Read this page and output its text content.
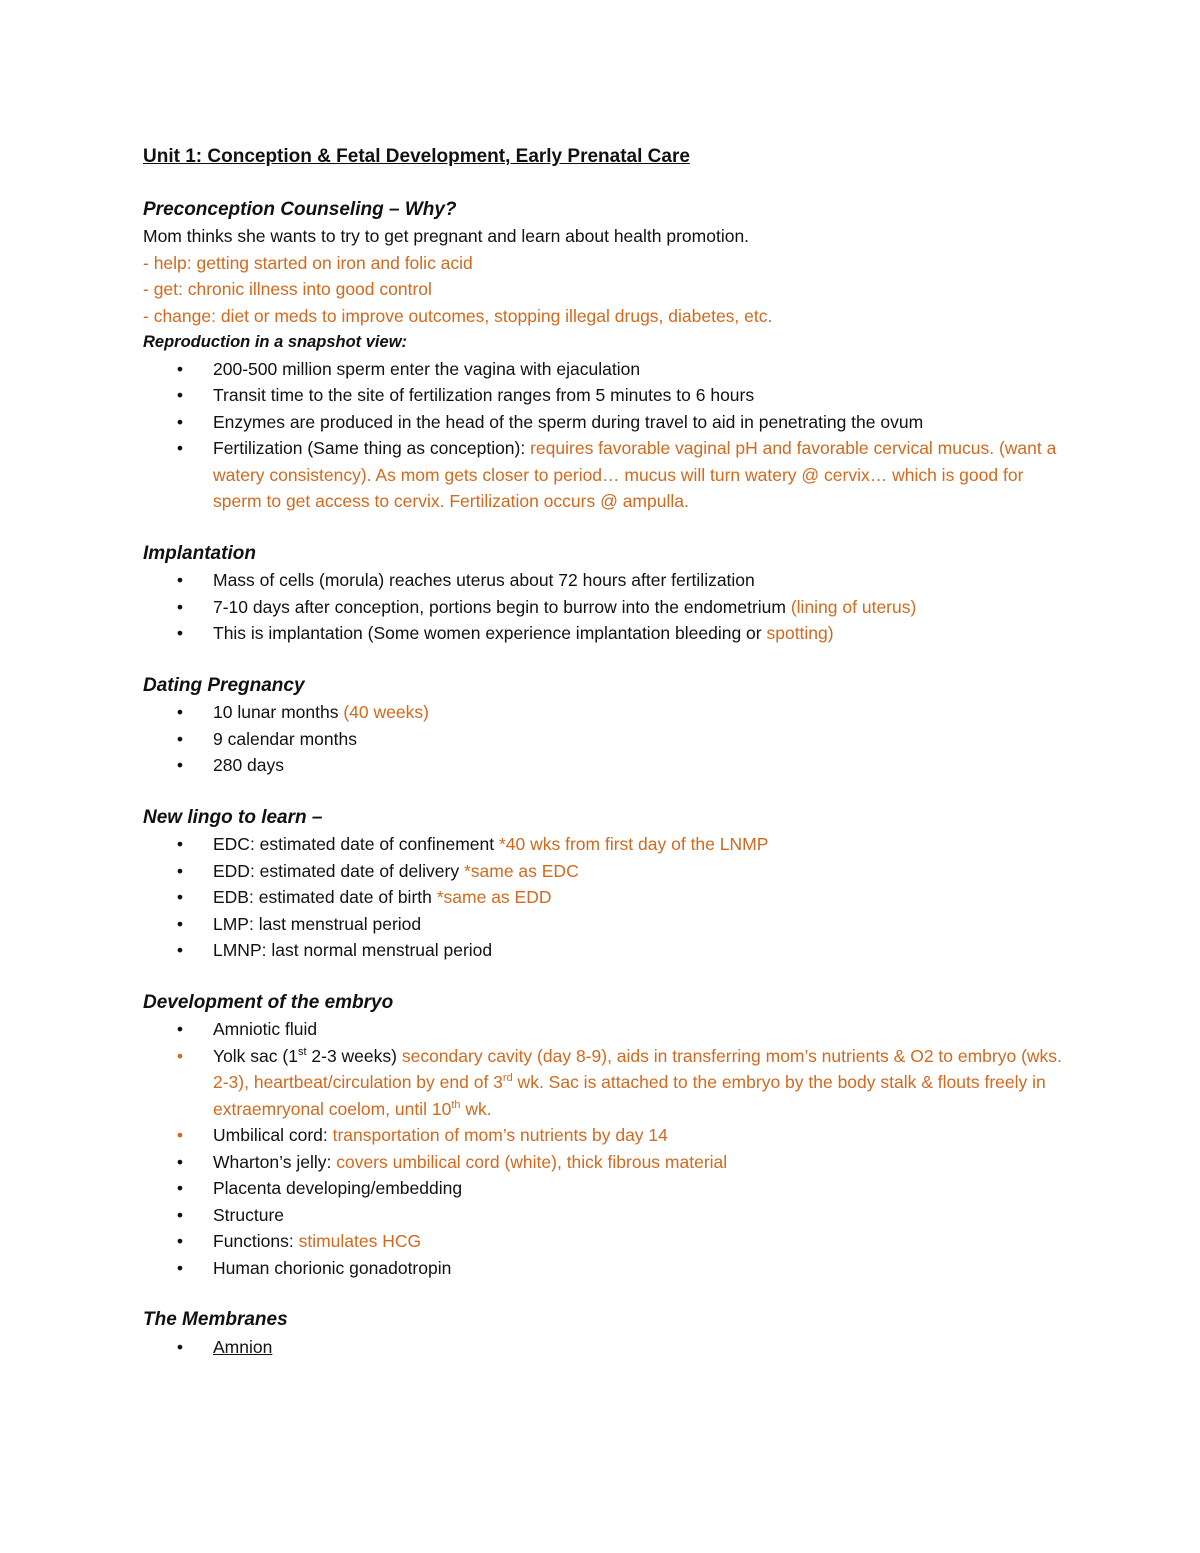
Unit 1: Conception & Fetal Development, Early Prenatal Care

Preconception Counseling – Why?

Mom thinks she wants to try to get pregnant and learn about health promotion.

- help: getting started on iron and folic acid

- get: chronic illness into good control

- change: diet or meds to improve outcomes, stopping illegal drugs, diabetes, etc.

Reproduction in a snapshot view:

• 200-500 million sperm enter the vagina with ejaculation
• Transit time to the site of fertilization ranges from 5 minutes to 6 hours
• Enzymes are produced in the head of the sperm during travel to aid in penetrating the ovum
• Fertilization (Same thing as conception): requires favorable vaginal pH and favorable cervical mucus. (want a watery consistency). As mom gets closer to period… mucus will turn watery @ cervix… which is good for sperm to get access to cervix. Fertilization occurs @ ampulla.

Implantation

• Mass of cells (morula) reaches uterus about 72 hours after fertilization
• 7-10 days after conception, portions begin to burrow into the endometrium (lining of uterus)
• This is implantation (Some women experience implantation bleeding or spotting)

Dating Pregnancy

• 10 lunar months (40 weeks)
• 9 calendar months
• 280 days

New lingo to learn –

• EDC: estimated date of confinement *40 wks from first day of the LNMP
• EDD: estimated date of delivery *same as EDC
• EDB: estimated date of birth *same as EDD
• LMP: last menstrual period
• LMNP: last normal menstrual period

Development of the embryo

• Amniotic fluid
• Yolk sac (1st 2-3 weeks) secondary cavity (day 8-9), aids in transferring mom’s nutrients & O2 to embryo (wks. 2-3), heartbeat/circulation by end of 3rd wk. Sac is attached to the embryo by the body stalk & flouts freely in extraemryonal coelom, until 10th wk.
• Umbilical cord: transportation of mom’s nutrients by day 14
• Wharton’s jelly: covers umbilical cord (white), thick fibrous material
• Placenta developing/embedding
• Structure
• Functions: stimulates HCG
• Human chorionic gonadotropin

The Membranes

• Amnion
